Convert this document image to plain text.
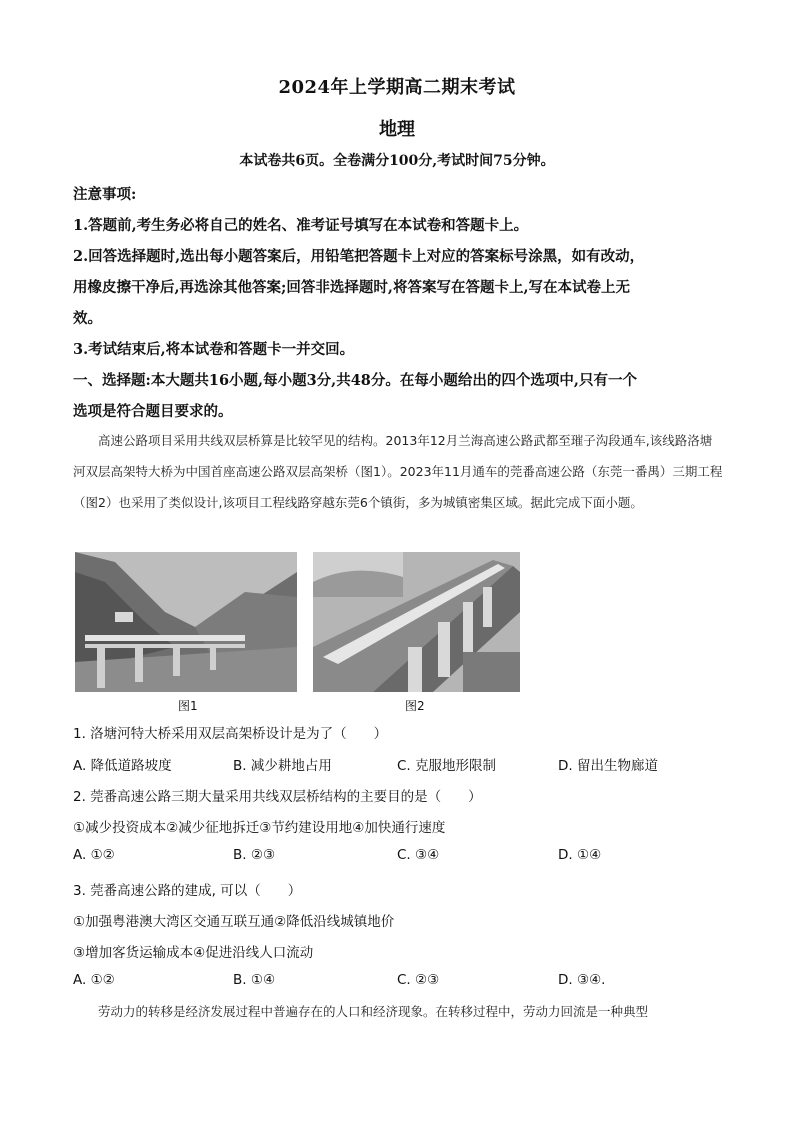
2024年上学期高二期末考试
地理
本试卷共6页。全卷满分100分,考试时间75分钟。
注意事项:
1.答题前,考生务必将自己的姓名、准考证号填写在本试卷和答题卡上。
2.回答选择题时,选出每小题答案后，用铅笔把答题卡上对应的答案标号涂黑，如有改动，
用橡皮擦干净后,再选涂其他答案;回答非选择题时,将答案写在答题卡上,写在本试卷上无
效。
3.考试结束后,将本试卷和答题卡一并交回。
一、选择题:本大题共16小题,每小题3分,共48分。在每小题给出的四个选项中,只有一个
选项是符合题目要求的。
高速公路项目采用共线双层桥算是比较罕见的结构。2013年12月兰海高速公路武都至璀子沟段通车,该线路洛塘河双层高架特大桥为中国首座高速公路双层高架桥（图1）。2023年11月通车的莞番高速公路（东莞一番禺）三期工程（图2）也采用了类似设计,该项目工程线路穿越东莞6个镇街，多为城镇密集区域。据此完成下面小题。
图1	图2
1. 洛塘河特大桥采用双层高架桥设计是为了（　　）
A. 降低道路坡度	B. 减少耕地占用	C. 克服地形限制	D. 留出生物廊道
2. 莞番高速公路三期大量采用共线双层桥结构的主要目的是（　　）
①减少投资成本②减少征地拆迁③节约建设用地④加快通行速度
A. ①②	B. ②③	C. ③④	D. ①④
3. 莞番高速公路的建成, 可以（　　）
①加强粤港澳大湾区交通互联互通②降低沿线城镇地价
③增加客货运输成本④促进沿线人口流动
A. ①②	B. ①④	C. ②③	D. ③④.
劳动力的转移是经济发展过程中普遍存在的人口和经济现象。在转移过程中，劳动力回流是一种典型
